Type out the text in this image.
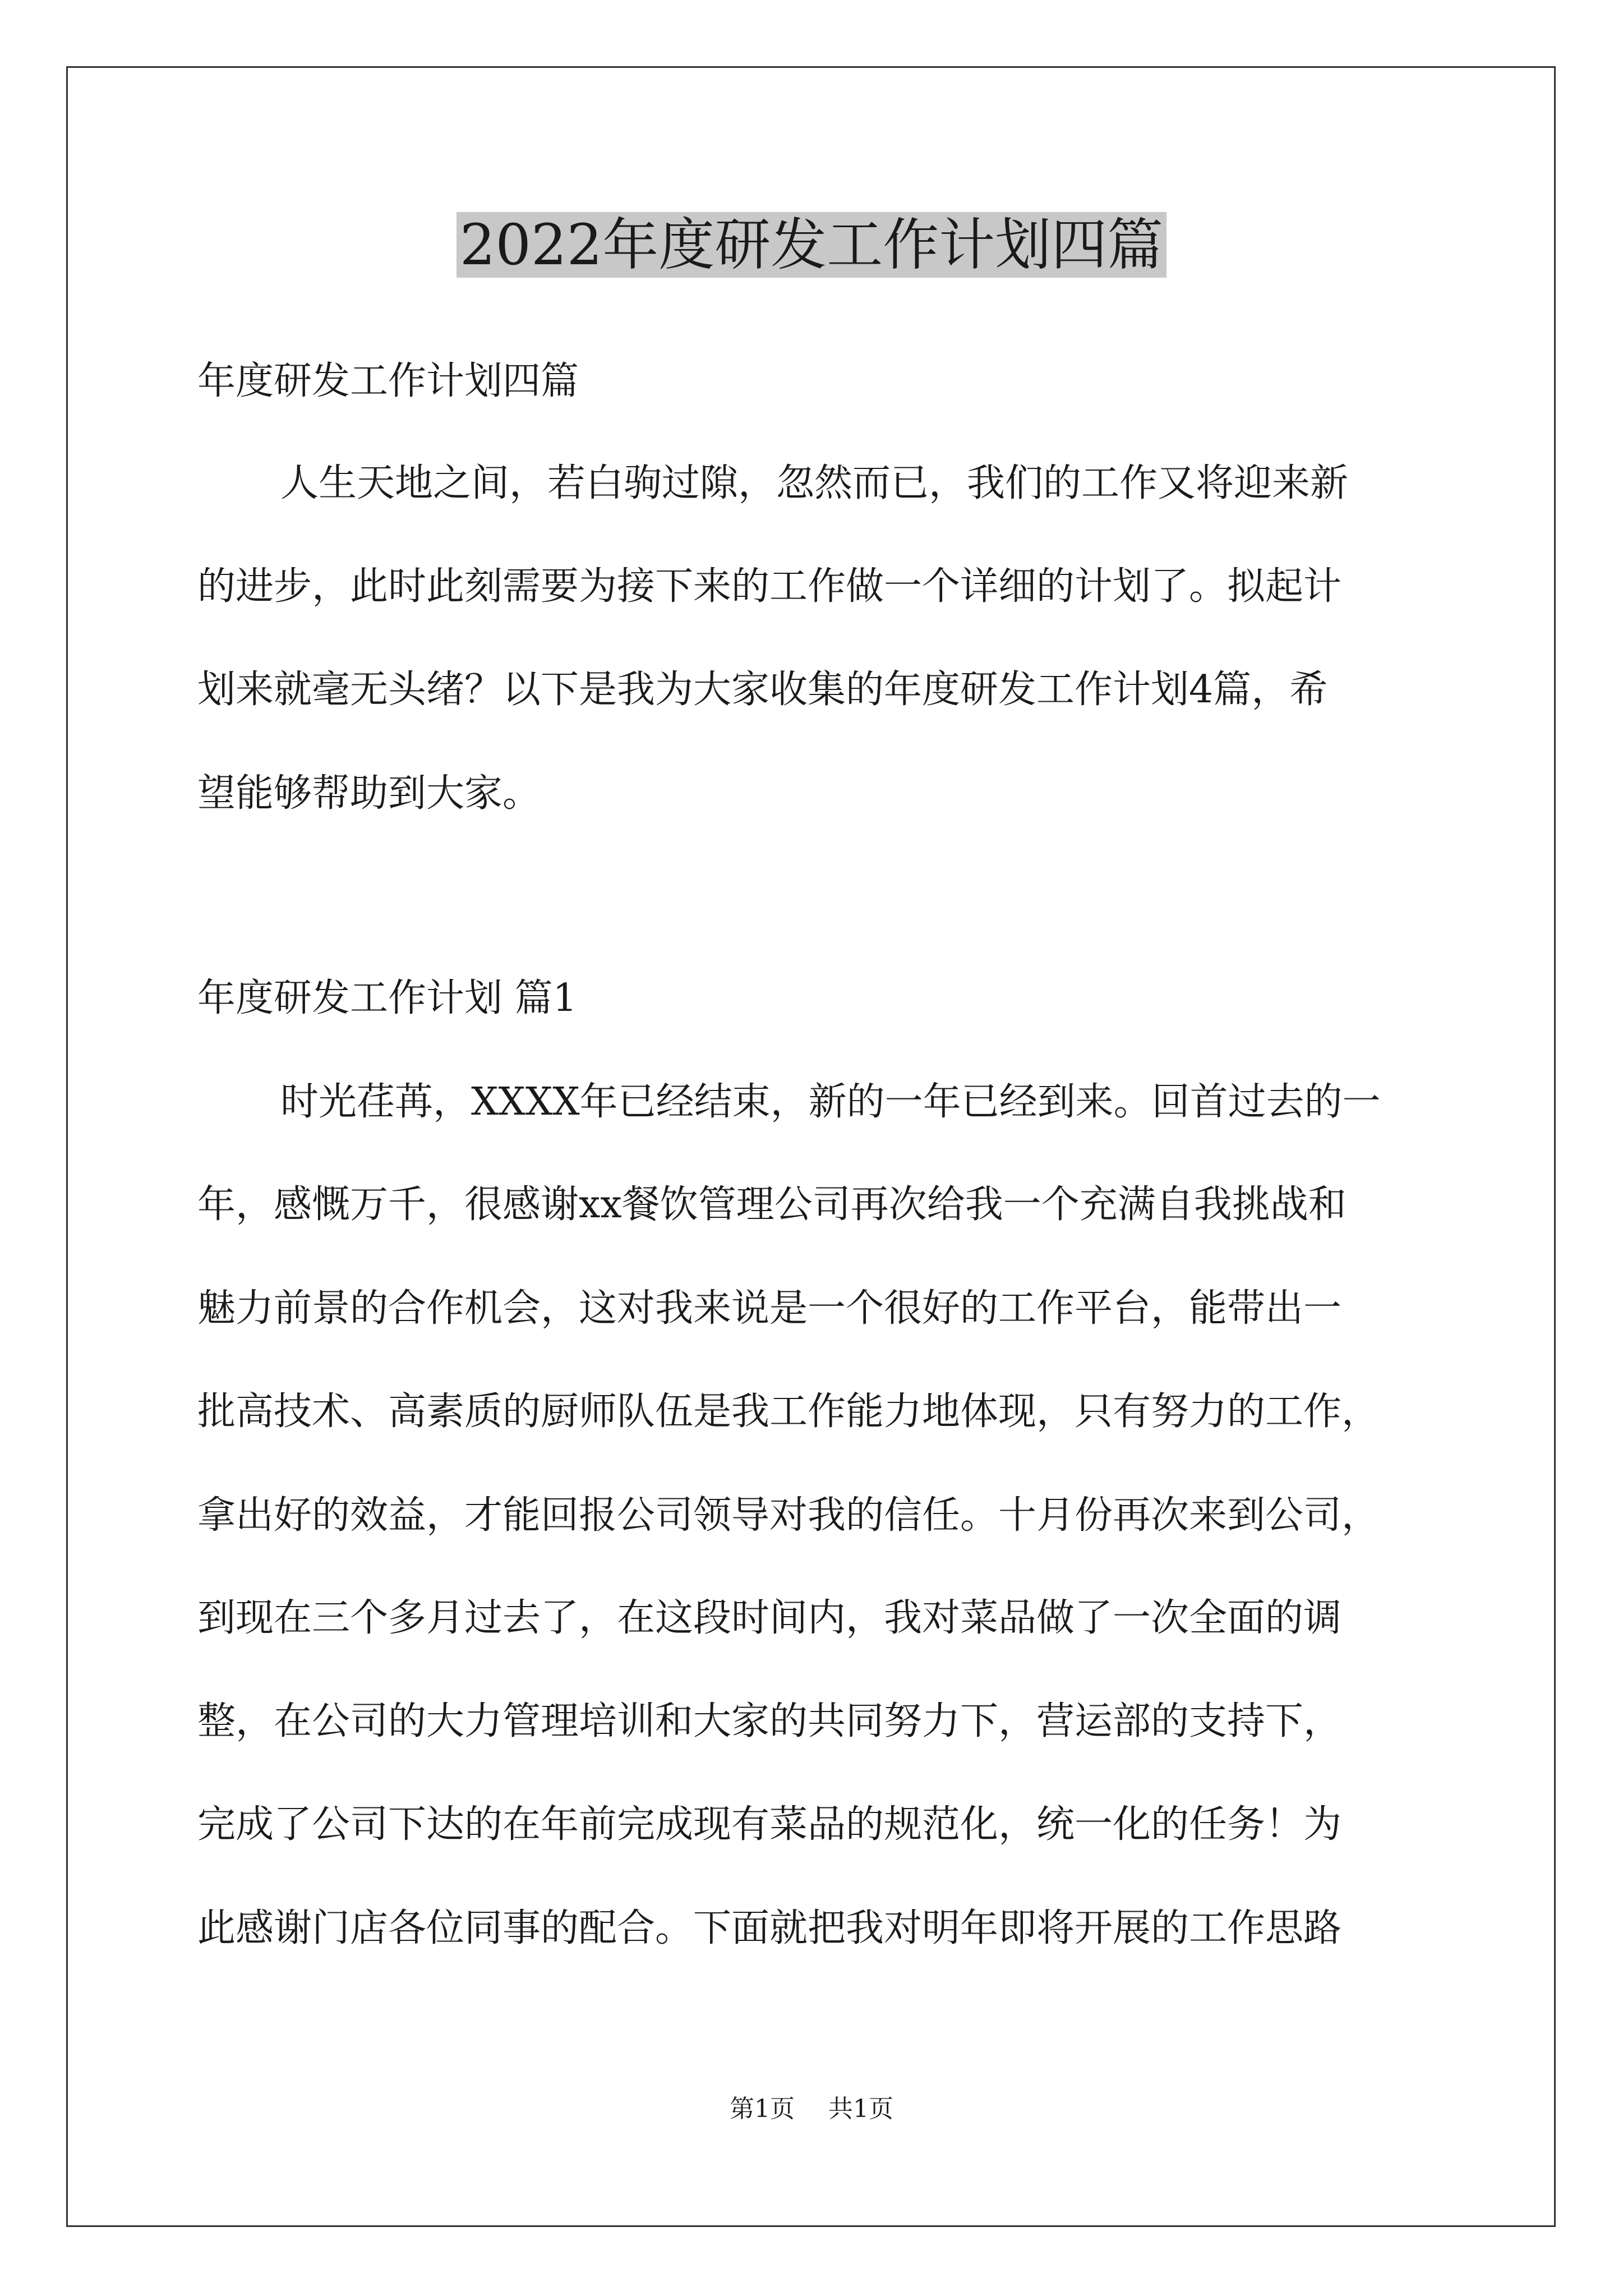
2022年度研发工作计划四篇

年度研发工作计划四篇

人生天地之间，若白驹过隙，忽然而已，我们的工作又将迎来新

的进步，此时此刻需要为接下来的工作做一个详细的计划了。拟起计

划来就毫无头绪？以下是我为大家收集的年度研发工作计划4篇，希

望能够帮助到大家。

年度研发工作计划 篇1

时光荏苒，XXXX年已经结束，新的一年已经到来。回首过去的一

年，感慨万千，很感谢xx餐饮管理公司再次给我一个充满自我挑战和

魅力前景的合作机会，这对我来说是一个很好的工作平台，能带出一

批高技术、高素质的厨师队伍是我工作能力地体现，只有努力的工作，

拿出好的效益，才能回报公司领导对我的信任。十月份再次来到公司，

到现在三个多月过去了，在这段时间内，我对菜品做了一次全面的调

整，在公司的大力管理培训和大家的共同努力下，营运部的支持下，

完成了公司下达的在年前完成现有菜品的规范化，统一化的任务！为

此感谢门店各位同事的配合。下面就把我对明年即将开展的工作思路

第1页 共1页
